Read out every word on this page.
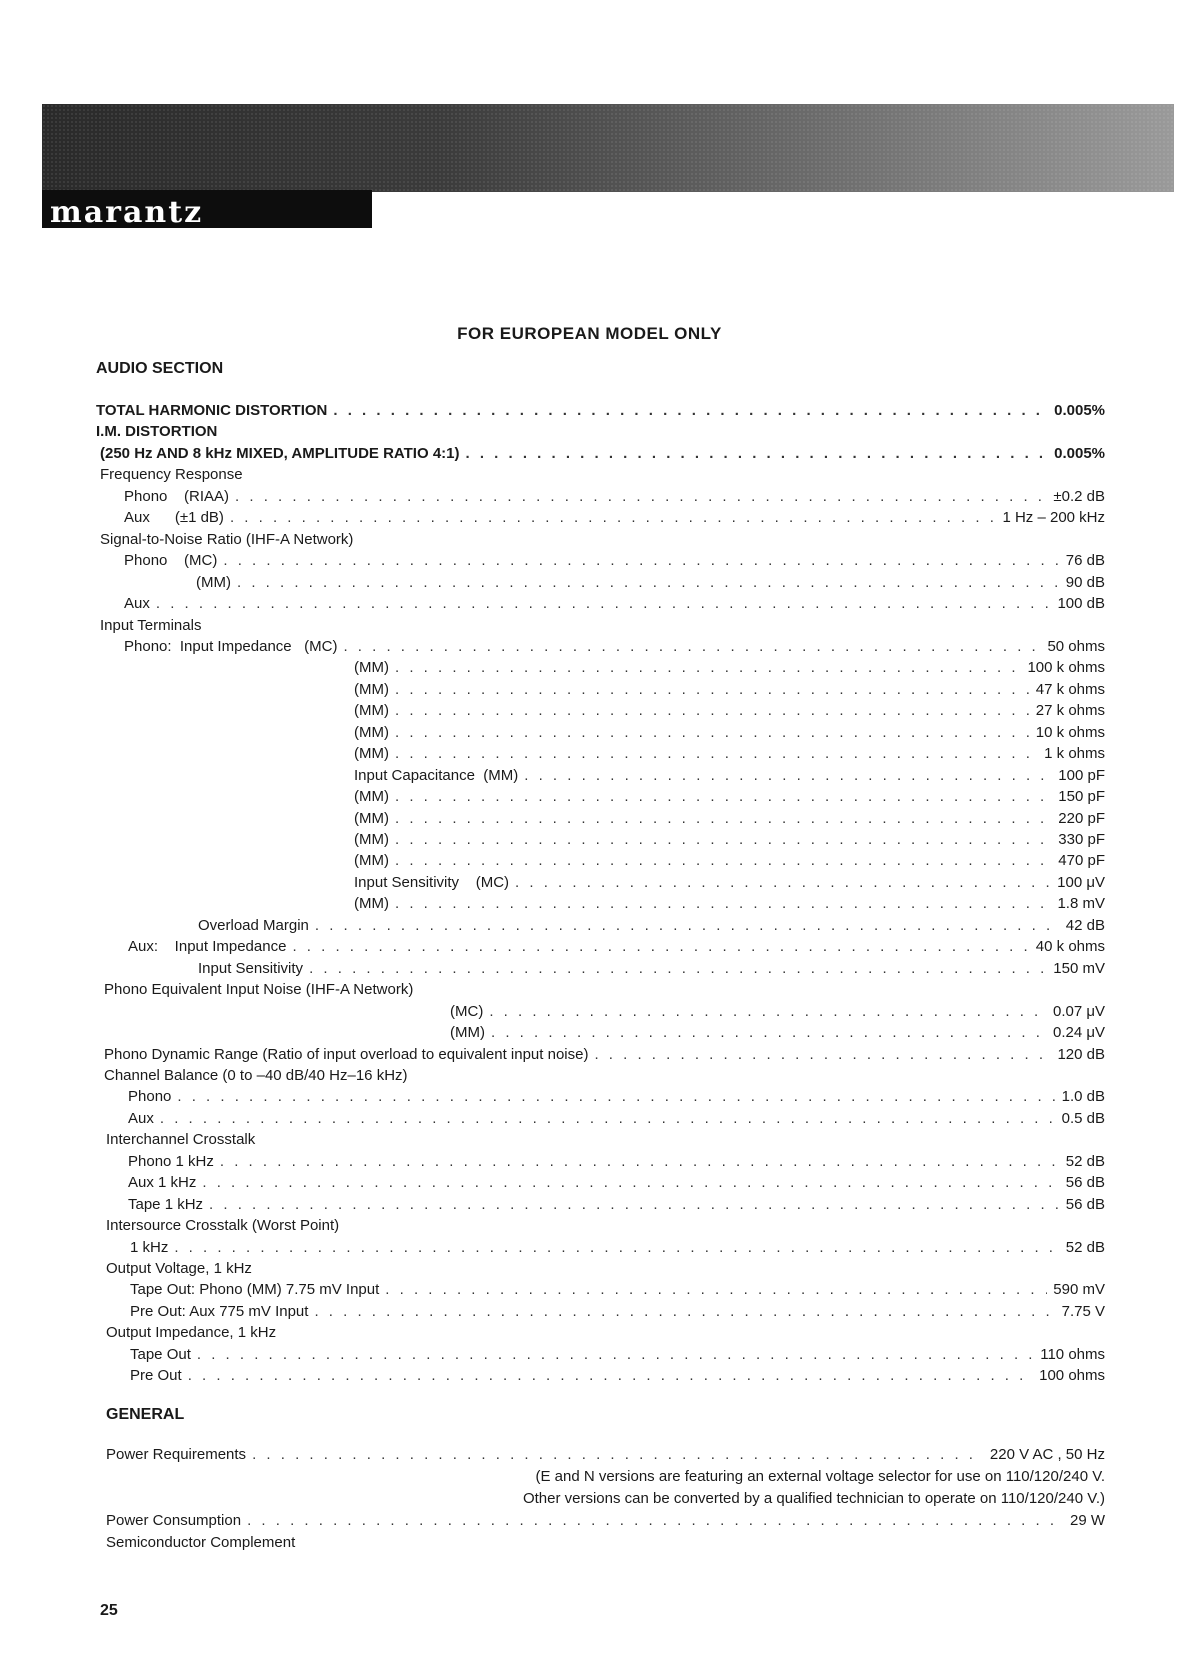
marantz
FOR EUROPEAN MODEL ONLY
AUDIO SECTION
TOTAL HARMONIC DISTORTION . . .	0.005%
I.M. DISTORTION
(250 Hz AND 8 kHz MIXED, AMPLITUDE RATIO 4:1) . . .	0.005%
Frequency Response
Phono    (RIAA) . . .	±0.2 dB
Aux      (±1 dB) . . .	1 Hz – 200 kHz
Signal-to-Noise Ratio (IHF-A Network)
Phono    (MC) . . .	76 dB
(MM) . . .	90 dB
Aux . . .	100 dB
Input Terminals
Phono:  Input Impedance   (MC) . . .	50 ohms
(MM) . . .	100 k ohms
(MM) . . .	47 k ohms
(MM) . . .	27 k ohms
(MM) . . .	10 k ohms
(MM) . . .	1 k ohms
Input Capacitance  (MM) . . .	100 pF
(MM) . . .	150 pF
(MM) . . .	220 pF
(MM) . . .	330 pF
(MM) . . .	470 pF
Input Sensitivity    (MC) . . .	100 μV
(MM) . . .	1.8 mV
Overload Margin . . .	42 dB
Aux:    Input Impedance . . .	40 k ohms
Input Sensitivity . . .	150 mV
Phono Equivalent Input Noise (IHF-A Network)
(MC) . . .	0.07 μV
(MM) . . .	0.24 μV
Phono Dynamic Range (Ratio of input overload to equivalent input noise) . . .	120 dB
Channel Balance (0 to –40 dB/40 Hz–16 kHz)
Phono . . .	1.0 dB
Aux . . .	0.5 dB
Interchannel Crosstalk
Phono 1 kHz . . .	52 dB
Aux 1 kHz . . .	56 dB
Tape 1 kHz . . .	56 dB
Intersource Crosstalk (Worst Point)
1 kHz . . .	52 dB
Output Voltage, 1 kHz
Tape Out: Phono (MM) 7.75 mV Input . . .	590 mV
Pre Out: Aux 775 mV Input . . .	7.75 V
Output Impedance, 1 kHz
Tape Out . . .	110 ohms
Pre Out . . .	100 ohms
GENERAL
Power Requirements . . .	220 V AC , 50 Hz
(E and N versions are featuring an external voltage selector for use on 110/120/240 V.
Other versions can be converted by a qualified technician to operate on 110/120/240 V.)
Power Consumption . . .	29 W
Semiconductor Complement
25
